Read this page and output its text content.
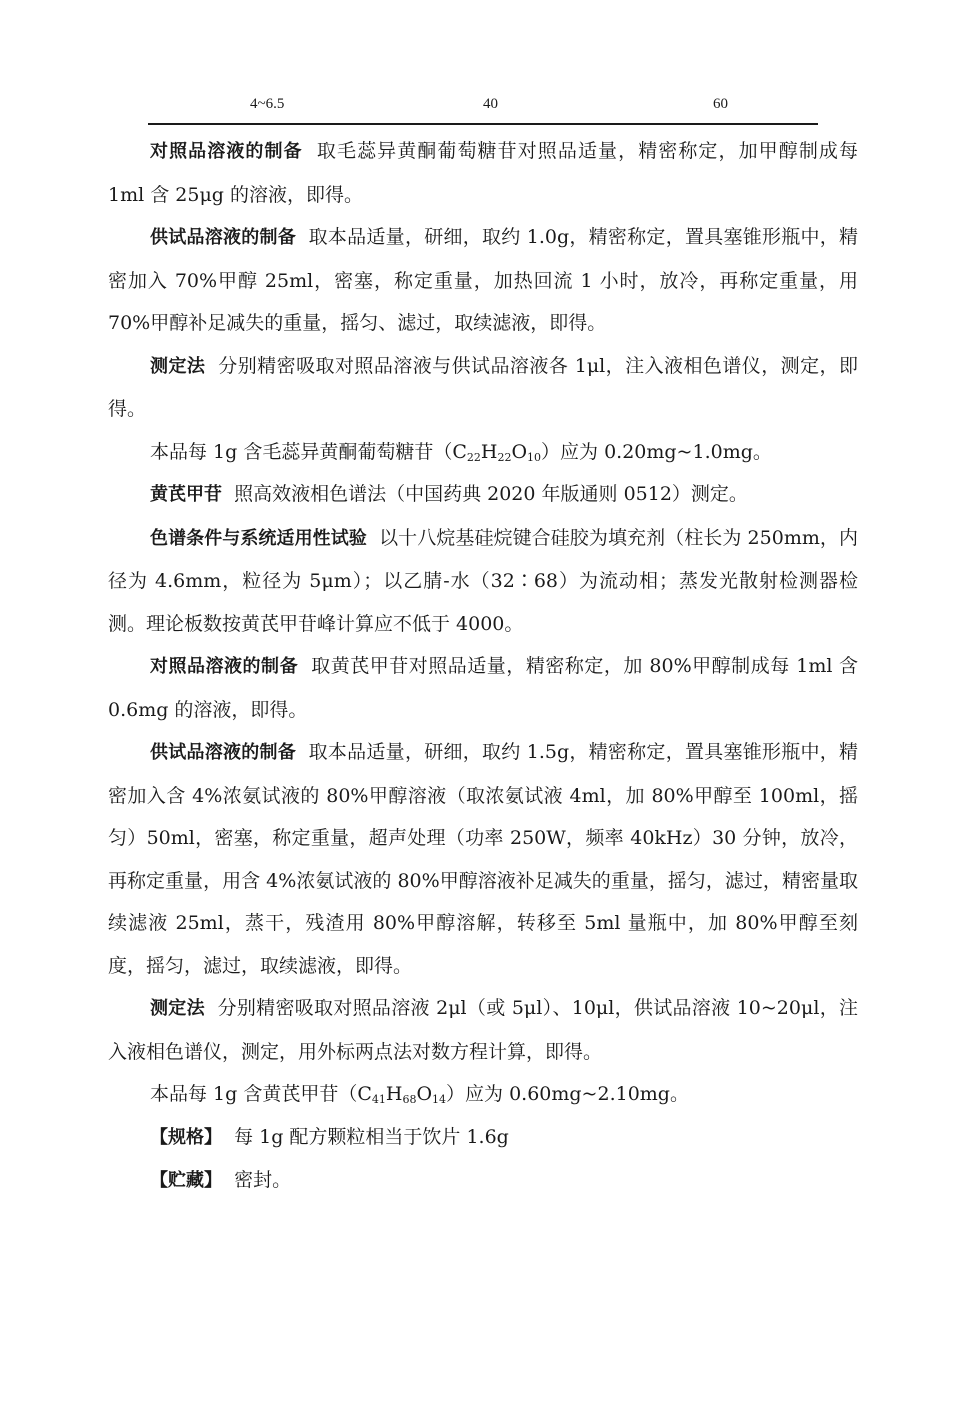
4~6.5	40	60

对照品溶液的制备 取毛蕊异黄酮葡萄糖苷对照品适量，精密称定，加甲醇制成每 1ml 含 25μg 的溶液，即得。

供试品溶液的制备 取本品适量，研细，取约 1.0g，精密称定，置具塞锥形瓶中，精密加入 70%甲醇 25ml，密塞，称定重量，加热回流 1 小时，放冷，再称定重量，用 70%甲醇补足减失的重量，摇匀、滤过，取续滤液，即得。

测定法 分别精密吸取对照品溶液与供试品溶液各 1μl，注入液相色谱仪，测定，即得。

本品每 1g 含毛蕊异黄酮葡萄糖苷$(C_{22}H_{22}O_{10})$应为 0.20mg~1.0mg。

黄芪甲苷 照高效液相色谱法（中国药典 2020 年版通则 0512）测定。

色谱条件与系统适用性试验 以十八烷基硅烷键合硅胶为填充剂（柱长为 250mm，内径为 4.6mm，粒径为 5μm）；以乙腈-水（32∶68）为流动相；蒸发光散射检测器检测。理论板数按黄芪甲苷峰计算应不低于 4000。

对照品溶液的制备 取黄芪甲苷对照品适量，精密称定，加 80%甲醇制成每 1ml 含 0.6mg 的溶液，即得。

供试品溶液的制备 取本品适量，研细，取约 1.5g，精密称定，置具塞锥形瓶中，精密加入含 4%浓氨试液的 80%甲醇溶液（取浓氨试液 4ml，加 80%甲醇至 100ml，摇匀）50ml，密塞，称定重量，超声处理（功率 250W，频率 40kHz）30 分钟，放冷，再称定重量，用含 4%浓氨试液的 80%甲醇溶液补足减失的重量，摇匀，滤过，精密量取续滤液 25ml，蒸干，残渣用 80%甲醇溶解，转移至 5ml 量瓶中，加 80%甲醇至刻度，摇匀，滤过，取续滤液，即得。

测定法 分别精密吸取对照品溶液 2μl（或 5μl）、10μl，供试品溶液 10~20μl，注入液相色谱仪，测定，用外标两点法对数方程计算，即得。

本品每 1g 含黄芪甲苷$(C_{41}H_{68}O_{14})$应为 0.60mg~2.10mg。

【规格】 每 1g 配方颗粒相当于饮片 1.6g

【贮藏】 密封。
